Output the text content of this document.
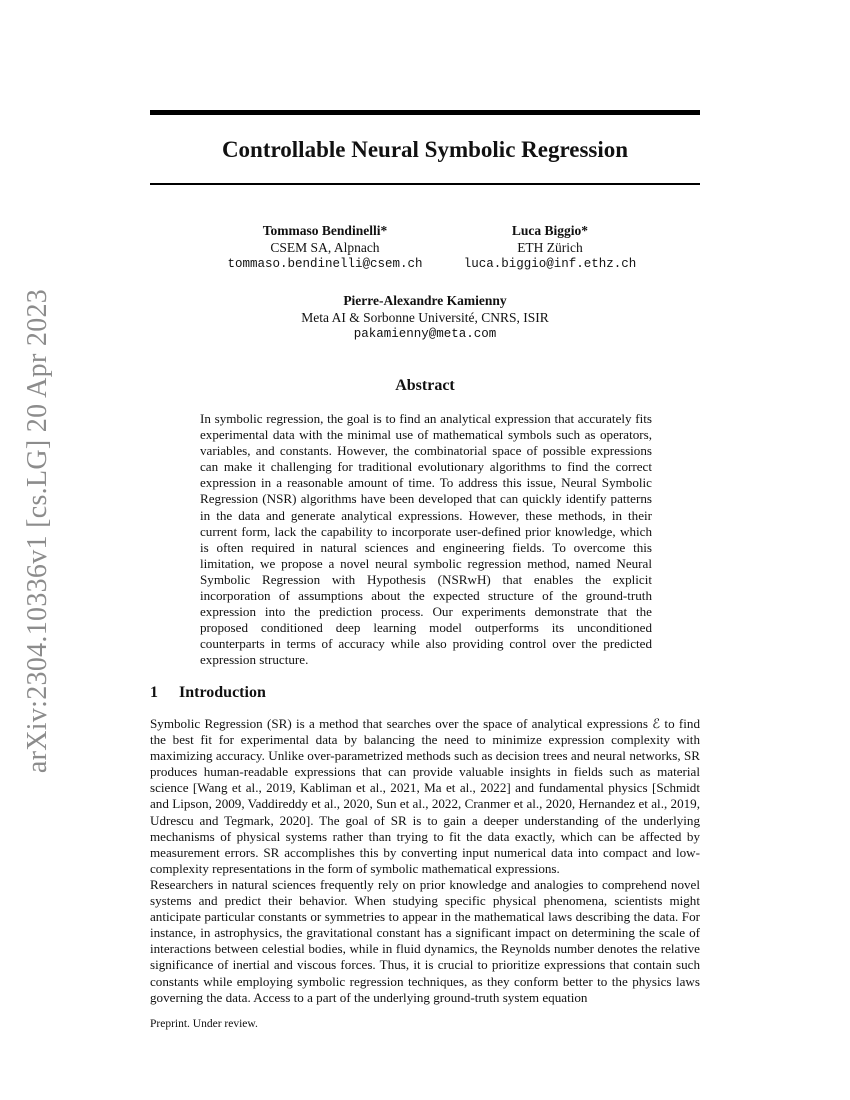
arXiv:2304.10336v1 [cs.LG] 20 Apr 2023
Controllable Neural Symbolic Regression
Tommaso Bendinelli*
CSEM SA, Alpnach
tommaso.bendinelli@csem.ch
Luca Biggio*
ETH Zürich
luca.biggio@inf.ethz.ch
Pierre-Alexandre Kamienny
Meta AI & Sorbonne Université, CNRS, ISIR
pakamienny@meta.com
Abstract
In symbolic regression, the goal is to find an analytical expression that accurately fits experimental data with the minimal use of mathematical symbols such as operators, variables, and constants. However, the combinatorial space of possible expressions can make it challenging for traditional evolutionary algorithms to find the correct expression in a reasonable amount of time. To address this issue, Neural Symbolic Regression (NSR) algorithms have been developed that can quickly identify patterns in the data and generate analytical expressions. However, these methods, in their current form, lack the capability to incorporate user-defined prior knowledge, which is often required in natural sciences and engineering fields. To overcome this limitation, we propose a novel neural symbolic regression method, named Neural Symbolic Regression with Hypothesis (NSRwH) that enables the explicit incorporation of assumptions about the expected structure of the ground-truth expression into the prediction process. Our experiments demonstrate that the proposed conditioned deep learning model outperforms its unconditioned counterparts in terms of accuracy while also providing control over the predicted expression structure.
1 Introduction

Symbolic Regression (SR) is a method that searches over the space of analytical expressions ℰ to find the best fit for experimental data by balancing the need to minimize expression complexity with maximizing accuracy. Unlike over-parametrized methods such as decision trees and neural networks, SR produces human-readable expressions that can provide valuable insights in fields such as material science [Wang et al., 2019, Kabliman et al., 2021, Ma et al., 2022] and fundamental physics [Schmidt and Lipson, 2009, Vaddireddy et al., 2020, Sun et al., 2022, Cranmer et al., 2020, Hernandez et al., 2019, Udrescu and Tegmark, 2020]. The goal of SR is to gain a deeper understanding of the underlying mechanisms of physical systems rather than trying to fit the data exactly, which can be affected by measurement errors. SR accomplishes this by converting input numerical data into compact and low-complexity representations in the form of symbolic mathematical expressions.

Researchers in natural sciences frequently rely on prior knowledge and analogies to comprehend novel systems and predict their behavior. When studying specific physical phenomena, scientists might anticipate particular constants or symmetries to appear in the mathematical laws describing the data. For instance, in astrophysics, the gravitational constant has a significant impact on determining the scale of interactions between celestial bodies, while in fluid dynamics, the Reynolds number denotes the relative significance of inertial and viscous forces. Thus, it is crucial to prioritize expressions that contain such constants while employing symbolic regression techniques, as they conform better to the physics laws governing the data. Access to a part of the underlying ground-truth system equation

Preprint. Under review.
